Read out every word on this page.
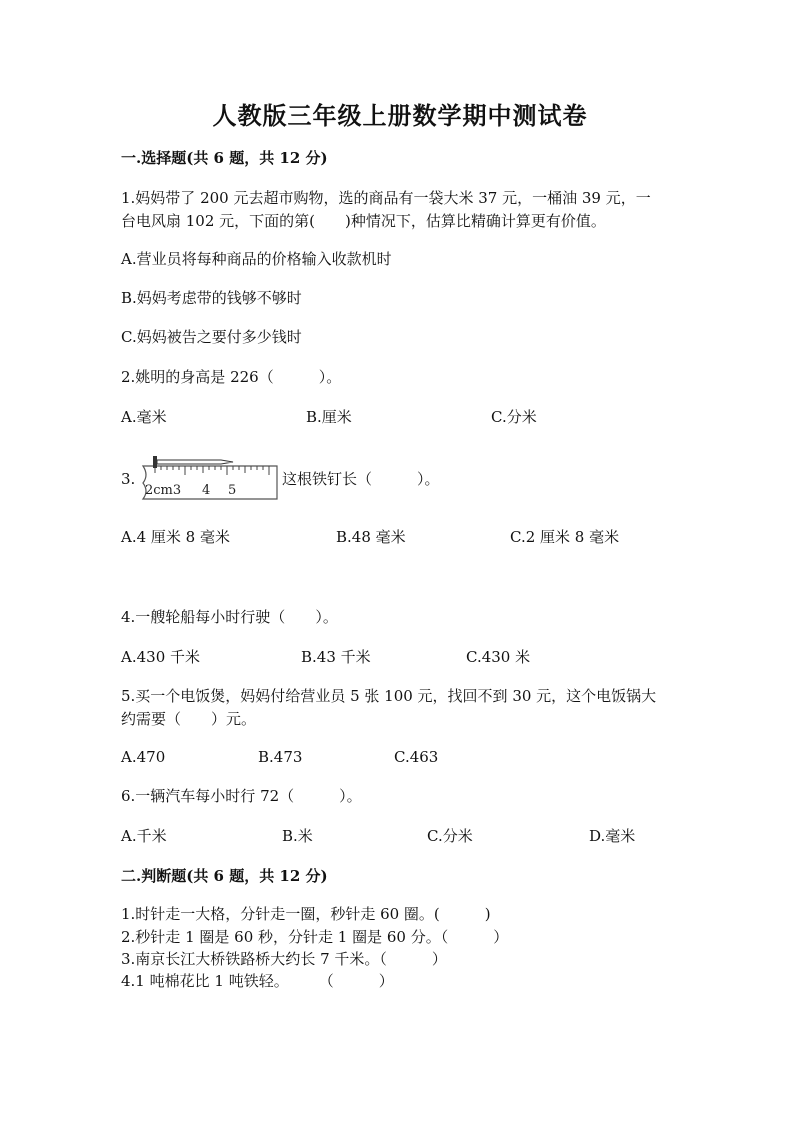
人教版三年级上册数学期中测试卷
一.选择题(共 6 题，共 12 分)
1.妈妈带了 200 元去超市购物，选的商品有一袋大米 37 元，一桶油 39 元，一
台电风扇 102 元，下面的第(　　)种情况下，估算比精确计算更有价值。
A.营业员将每种商品的价格输入收款机时
B.妈妈考虑带的钱够不够时
C.妈妈被告之要付多少钱时
2.姚明的身高是 226（　　　）。
A.毫米	B.厘米	C.分米
3.
2cm3 4 5
这根铁钉长（　　　）。
A.4 厘米 8 毫米	B.48 毫米	C.2 厘米 8 毫米
4.一艘轮船每小时行驶（　　）。
A.430 千米	B.43 千米	C.430 米
5.买一个电饭煲，妈妈付给营业员 5 张 100 元，找回不到 30 元，这个电饭锅大
约需要（　　）元。
A.470	B.473	C.463
6.一辆汽车每小时行 72（　　　）。
A.千米	B.米	C.分米	D.毫米
二.判断题(共 6 题，共 12 分)
1.时针走一大格，分针走一圈，秒针走 60 圈。(　　　)
2.秒针走 1 圈是 60 秒，分针走 1 圈是 60 分。（　　　）
3.南京长江大桥铁路桥大约长 7 千米。（　　　）
4.1 吨棉花比 1 吨铁轻。　　　（　　　）
